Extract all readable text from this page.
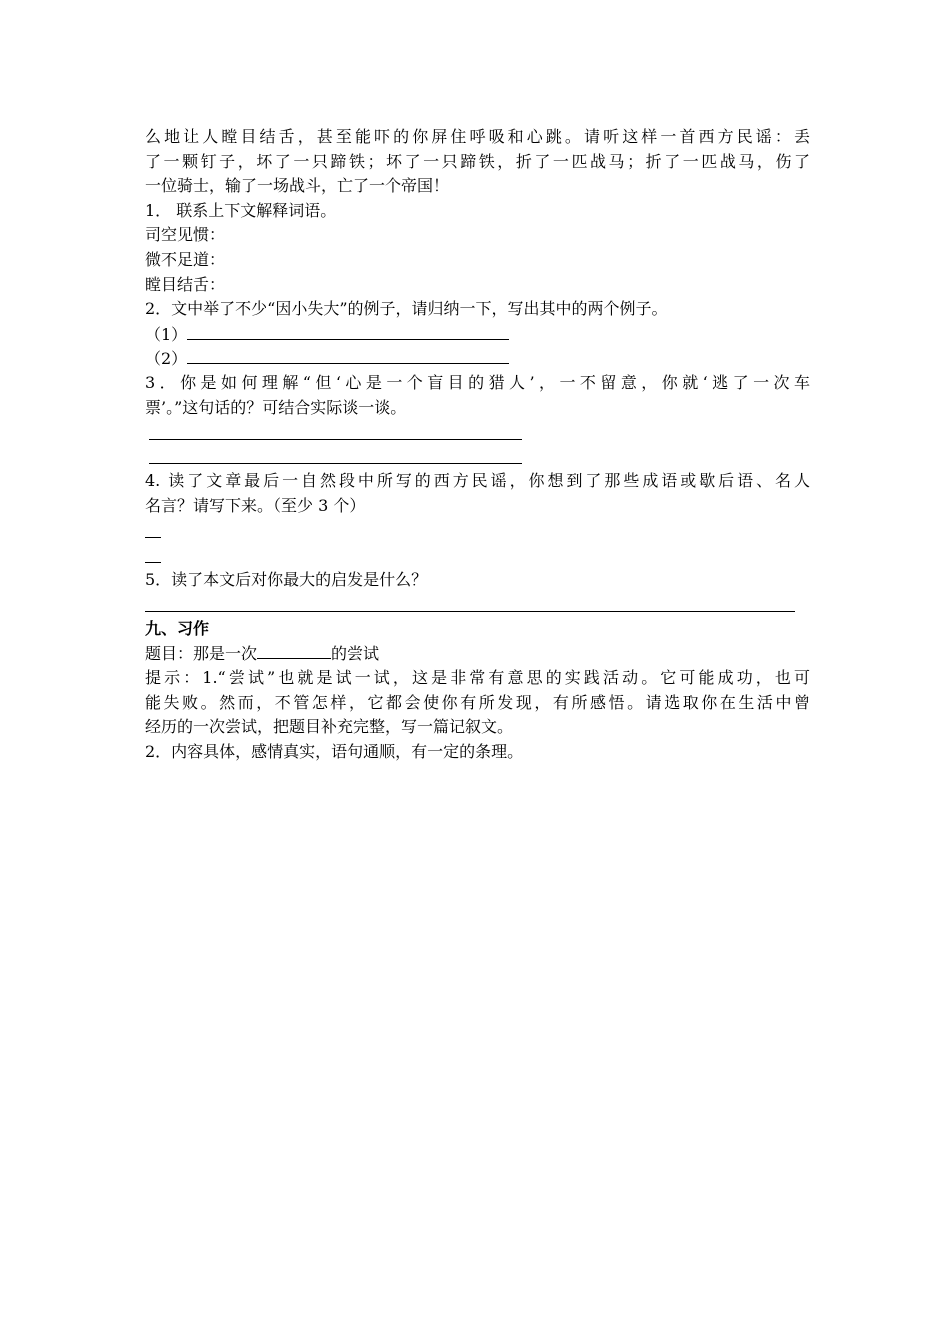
么地让人瞠目结舌，甚至能吓的你屏住呼吸和心跳。请听这样一首西方民谣：丢
了一颗钉子，坏了一只蹄铁；坏了一只蹄铁，折了一匹战马；折了一匹战马，伤了
一位骑士，输了一场战斗，亡了一个帝国！
1． 联系上下文解释词语。
司空见惯：
微不足道：
瞠目结舌：
2．文中举了不少“因小失大”的例子，请归纳一下，写出其中的两个例子。
（1）
（2）
3．你是如何理解“但‘心是一个盲目的猎人’，一不留意，你就‘逃了一次车
票’。”这句话的？可结合实际谈一谈。
4. 读了文章最后一自然段中所写的西方民谣，你想到了那些成语或歇后语、名人
名言？请写下来。（至少 3 个）
5．读了本文后对你最大的启发是什么？
九、习作
题目：那是一次	的尝试
提示：1.“尝试”也就是试一试，这是非常有意思的实践活动。它可能成功，也可
能失败。然而，不管怎样，它都会使你有所发现，有所感悟。请选取你在生活中曾
经历的一次尝试，把题目补充完整，写一篇记叙文。
2．内容具体，感情真实，语句通顺，有一定的条理。
